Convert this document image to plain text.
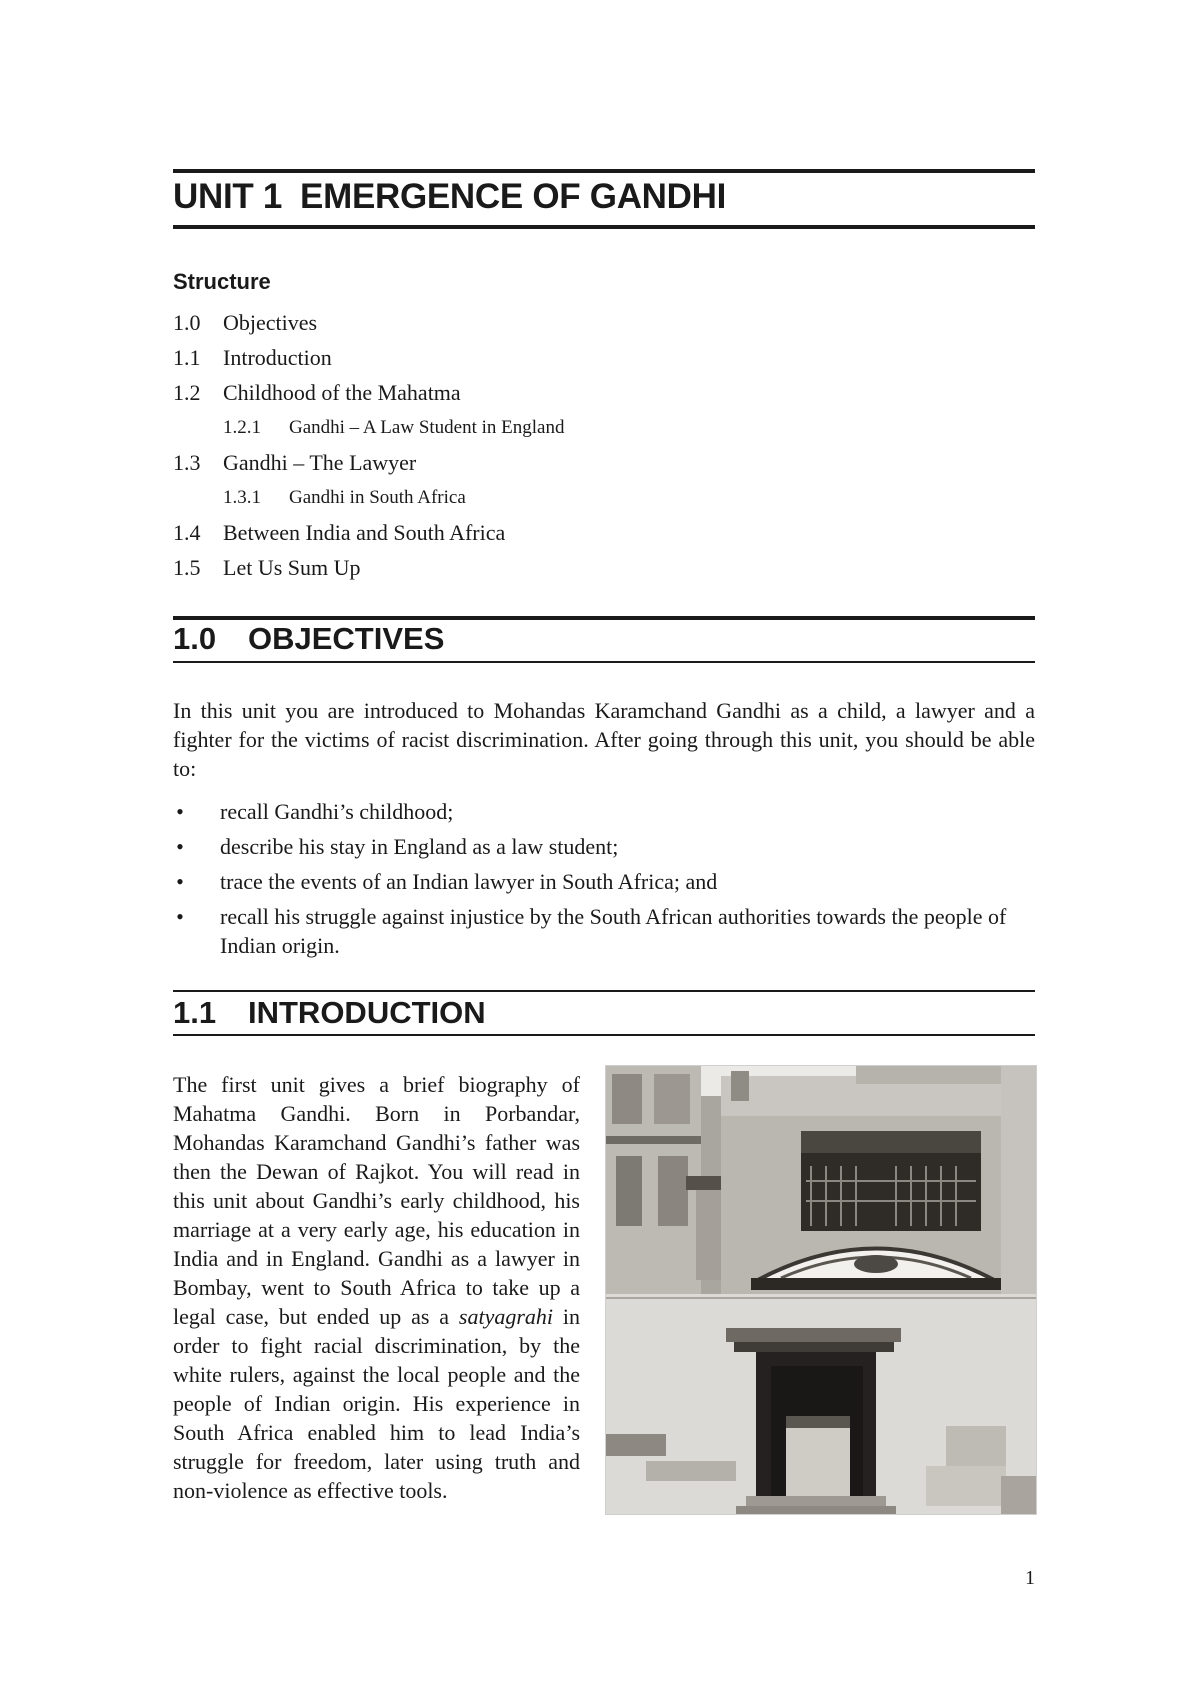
UNIT 1 EMERGENCE OF GANDHI
Structure
1.0 Objectives
1.1 Introduction
1.2 Childhood of the Mahatma
1.2.1 Gandhi – A Law Student in England
1.3 Gandhi – The Lawyer
1.3.1 Gandhi in South Africa
1.4 Between India and South Africa
1.5 Let Us Sum Up
1.0 OBJECTIVES

In this unit you are introduced to Mohandas Karamchand Gandhi as a child, a lawyer and a fighter for the victims of racist discrimination. After going through this unit, you should be able to:

• recall Gandhi’s childhood;
• describe his stay in England as a law student;
• trace the events of an Indian lawyer in South Africa; and
• recall his struggle against injustice by the South African authorities towards the people of Indian origin.
1.1 INTRODUCTION

The first unit gives a brief biography of Mahatma Gandhi. Born in Porbandar, Mohandas Karamchand Gandhi’s father was then the Dewan of Rajkot. You will read in this unit about Gandhi’s early childhood, his marriage at a very early age, his education in India and in England. Gandhi as a lawyer in Bombay, went to South Africa to take up a legal case, but ended up as a satyagrahi in order to fight racial discrimination, by the white rulers, against the local people and the people of Indian origin. His experience in South Africa enabled him to lead India’s struggle for freedom, later using truth and non-violence as effective tools.

1
